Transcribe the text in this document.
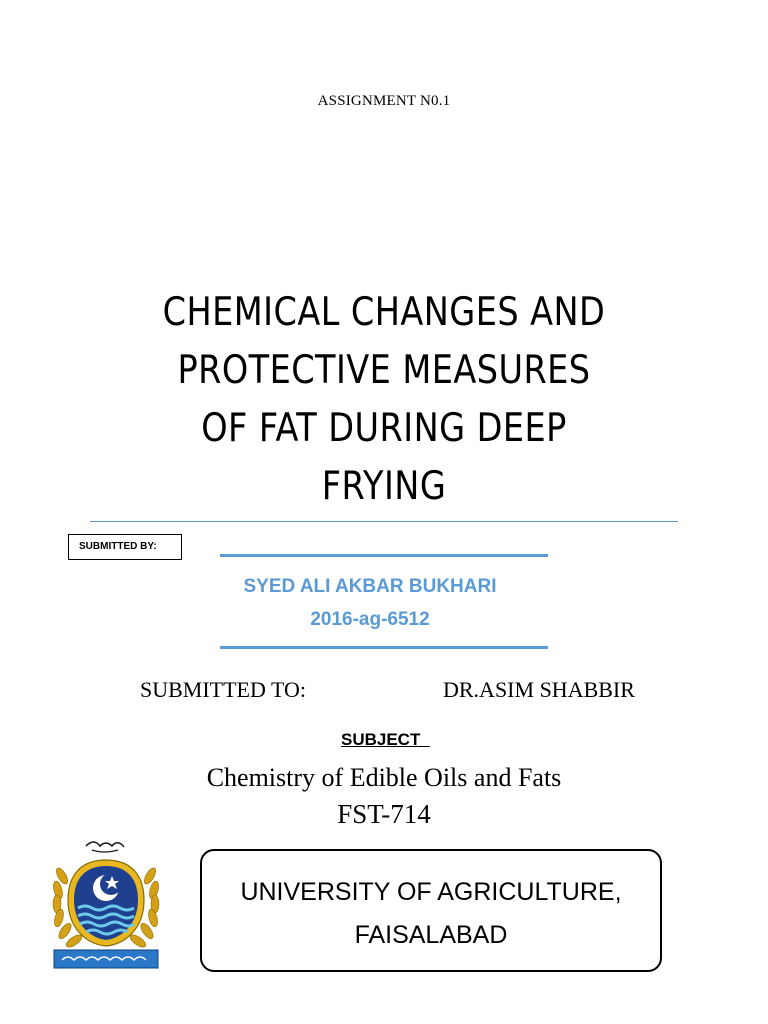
ASSIGNMENT N0.1
CHEMICAL CHANGES AND
PROTECTIVE MEASURES
OF FAT DURING DEEP
FRYING
SUBMITTED BY:
SYED ALI AKBAR BUKHARI
2016-ag-6512
SUBMITTED TO:	DR.ASIM SHABBIR
SUBJECT
Chemistry of Edible Oils and Fats
FST-714
UNIVERSITY OF AGRICULTURE,
FAISALABAD
